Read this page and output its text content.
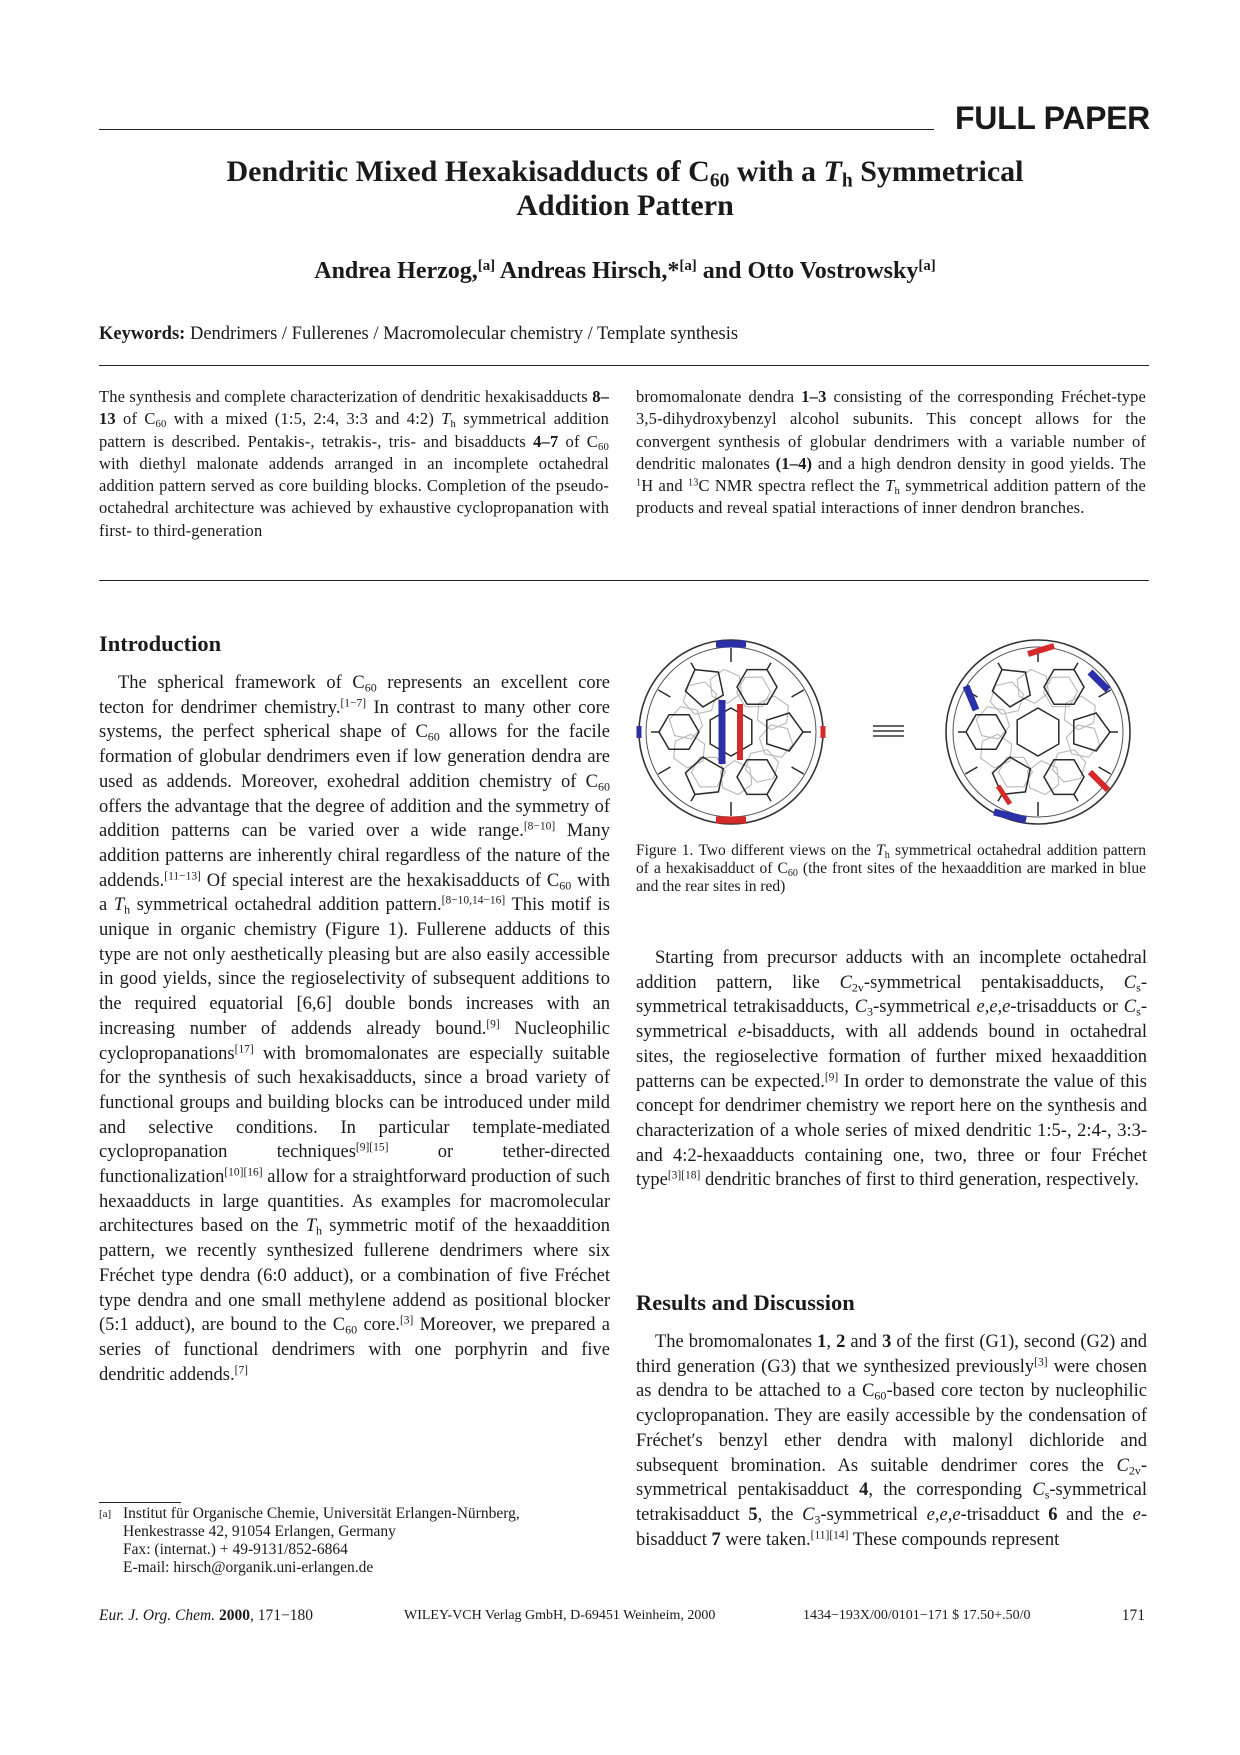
FULL PAPER
Dendritic Mixed Hexakisadducts of $C_{60}$ with a $T_h$ Symmetrical
Addition Pattern
Andrea Herzog,[a] Andreas Hirsch,*[a] and Otto Vostrowsky[a]
Keywords: Dendrimers / Fullerenes / Macromolecular chemistry / Template synthesis
The synthesis and complete characterization of dendritic hexakisadducts 8–13 of $C_{60}$ with a mixed (1:5, 2:4, 3:3 and 4:2) $T_h$ symmetrical addition pattern is described. Pentakis-, tetrakis-, tris- and bisadducts 4–7 of $C_{60}$ with diethyl malonate addends arranged in an incomplete octahedral addition pattern served as core building blocks. Completion of the pseudo-octahedral architecture was achieved by exhaustive cyclopropanation with first- to third-generation
bromomalonate dendra 1–3 consisting of the corresponding Fréchet-type 3,5-dihydroxybenzyl alcohol subunits. This concept allows for the convergent synthesis of globular dendrimers with a variable number of dendritic malonates (1–4) and a high dendron density in good yields. The $^1$H and $^{13}$C NMR spectra reflect the $T_h$ symmetrical addition pattern of the products and reveal spatial interactions of inner dendron branches.
Introduction

The spherical framework of $C_{60}$ represents an excellent core tecton for dendrimer chemistry.[1−7] In contrast to many other core systems, the perfect spherical shape of $C_{60}$ allows for the facile formation of globular dendrimers even if low generation dendra are used as addends. Moreover, exohedral addition chemistry of $C_{60}$ offers the advantage that the degree of addition and the symmetry of addition patterns can be varied over a wide range.[8−10] Many addition patterns are inherently chiral regardless of the nature of the addends.[11−13] Of special interest are the hexakisadducts of $C_{60}$ with a $T_h$ symmetrical octahedral addition pattern.[8−10,14−16] This motif is unique in organic chemistry (Figure 1). Fullerene adducts of this type are not only aesthetically pleasing but are also easily accessible in good yields, since the regioselectivity of subsequent additions to the required equatorial [6,6] double bonds increases with an increasing number of addends already bound.[9] Nucleophilic cyclopropanations[17] with bromomalonates are especially suitable for the synthesis of such hexakisadducts, since a broad variety of functional groups and building blocks can be introduced under mild and selective conditions. In particular template-mediated cyclopropanation techniques[9][15] or tether-directed functionalization[10][16] allow for a straightforward production of such hexaadducts in large quantities. As examples for macromolecular architectures based on the $T_h$ symmetric motif of the hexaaddition pattern, we recently synthesized fullerene dendrimers where six Fréchet type dendra (6:0 adduct), or a combination of five Fréchet type dendra and one small methylene addend as positional blocker (5:1 adduct), are bound to the $C_{60}$ core.[3] Moreover, we prepared a series of functional dendrimers with one porphyrin and five dendritic addends.[7]

Figure 1. Two different views on the $T_h$ symmetrical octahedral addition pattern of a hexakisadduct of $C_{60}$ (the front sites of the hexaaddition are marked in blue and the rear sites in red)

Starting from precursor adducts with an incomplete octahedral addition pattern, like $C_{2v}$-symmetrical pentakisadducts, $C_s$-symmetrical tetrakisadducts, $C_3$-symmetrical e,e,e-trisadducts or $C_s$-symmetrical e-bisadducts, with all addends bound in octahedral sites, the regioselective formation of further mixed hexaaddition patterns can be expected.[9] In order to demonstrate the value of this concept for dendrimer chemistry we report here on the synthesis and characterization of a whole series of mixed dendritic 1:5-, 2:4-, 3:3- and 4:2-hexaadducts containing one, two, three or four Fréchet type[3][18] dendritic branches of first to third generation, respectively.

Results and Discussion

The bromomalonates 1, 2 and 3 of the first (G1), second (G2) and third generation (G3) that we synthesized previously[3] were chosen as dendra to be attached to a $C_{60}$-based core tecton by nucleophilic cyclopropanation. They are easily accessible by the condensation of Fréchet′s benzyl ether dendra with malonyl dichloride and subsequent bromination. As suitable dendrimer cores the $C_{2v}$-symmetrical pentakisadduct 4, the corresponding $C_s$-symmetrical tetrakisadduct 5, the $C_3$-symmetrical e,e,e-trisadduct 6 and the e-bisadduct 7 were taken.[11][14] These compounds represent

[a] Institut für Organische Chemie, Universität Erlangen-Nürnberg,
Henkestrasse 42, 91054 Erlangen, Germany
Fax: (internat.) + 49-9131/852-6864
E-mail: hirsch@organik.uni-erlangen.de
Eur. J. Org. Chem. 2000, 171−180	WILEY-VCH Verlag GmbH, D-69451 Weinheim, 2000	1434−193X/00/0101−171 $ 17.50+.50/0	171
